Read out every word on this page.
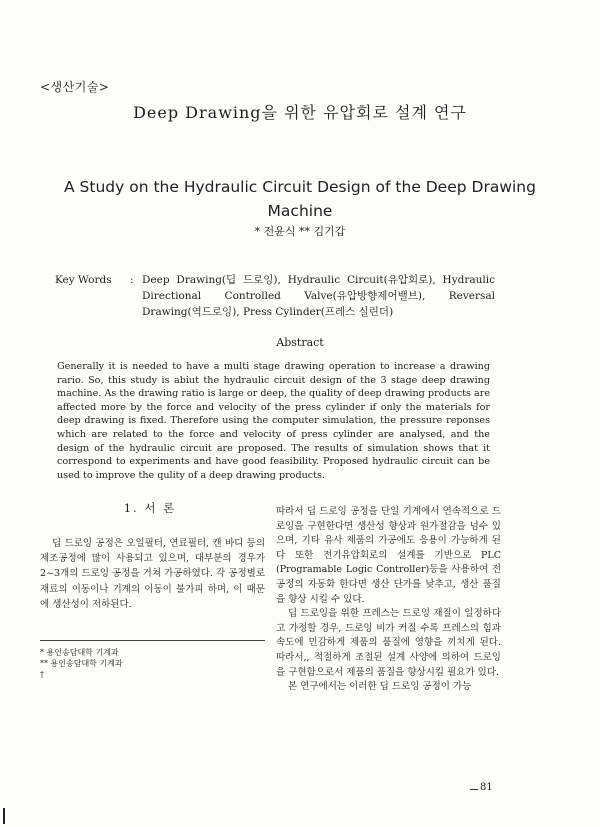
<생산기술>
Deep Drawing을 위한 유압회로 설계 연구
A Study on the Hydraulic Circuit Design of the Deep Drawing Machine
* 전윤식 ** 김기갑
Key Words	: Deep Drawing(딥 드로잉), Hydraulic Circuit(유압회로), Hydraulic Directional Controlled Valve(유압방향제어밸브), Reversal Drawing(역드로잉), Press Cylinder(프레스 실린더)
Abstract
Generally it is needed to have a multi stage drawing operation to increase a drawing rario. So, this study is abiut the hydraulic circuit design of the 3 stage deep drawing machine. As the drawing ratio is large or deep, the quality of deep drawing products are affected more by the force and velocity of the press cylinder if only the materials for deep drawing is fixed. Therefore using the computer simulation, the pressure reponses which are related to the force and velocity of press cylinder are analysed, and the design of the hydraulic circuit are proposed. The results of simulation shows that it correspond to experiments and have good feasibility. Proposed hydraulic circuit can be used to improve the qulity of a deep drawing products.
1. 서 론
딥 드로잉 공정은 오일필터, 연료필터, 캔 바디 등의 제조공정에 많이 사용되고 있으며, 대부분의 경우가 2~3개의 드로잉 공정을 거쳐 가공하였다. 각 공정별로 재료의 이동이나 기계의 이동이 불가피 하며, 이 때문에 생산성이 저하된다.
* 용인송담대학 기계과
** 용인송담대학 기계과
†

따라서 딥 드로잉 공정을 단일 기계에서 연속적으로 드로잉을 구현한다면 생산성 향상과 원가절감을 넘수 있으며, 기타 유사 제품의 가공에도 응용이 가능하게 된다 또한 전기유압회로의 설계를 기반으로 PLC (Programable Logic Controller)등을 사용하여 전공정의 자동화 한다면 생산 단가를 낮추고, 생산 품질을 향상 시킬 수 있다.

딥 드로잉을 위한 프레스는 드로잉 재질이 일정하다고 가정할 경우, 드로잉 비가 커질 수록 프레스의 힘과 속도에 민감하게 제품의 품질에 영향을 끼치게 된다. 따라서,, 적절하게 조절된 설계 사양에 의하여 드로잉을 구현함으로서 제품의 품질을 향상시킬 필요가 있다.

본 연구에서는 이러한 딥 드로잉 공정이 가능

81
